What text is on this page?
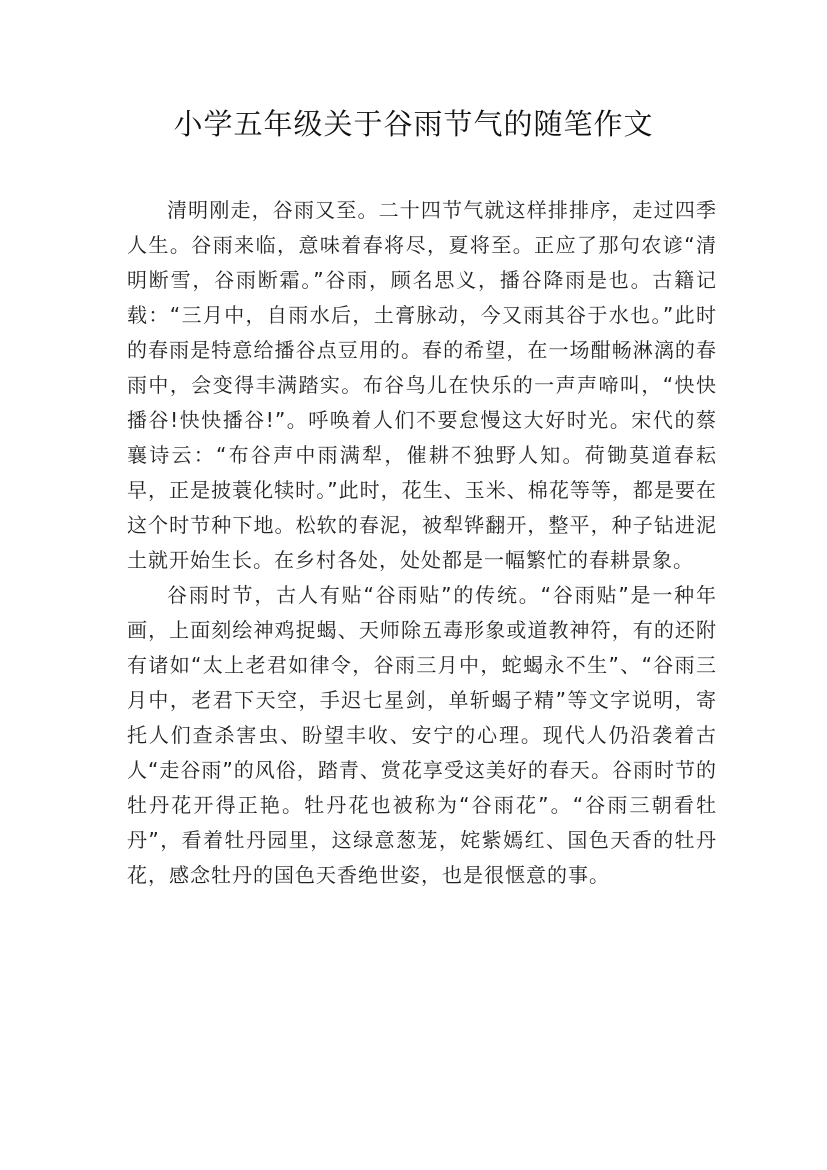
小学五年级关于谷雨节气的随笔作文

清明刚走，谷雨又至。二十四节气就这样排排序，走过四季人生。谷雨来临，意味着春将尽，夏将至。正应了那句农谚“清明断雪，谷雨断霜。”谷雨，顾名思义，播谷降雨是也。古籍记载：“三月中，自雨水后，土膏脉动，今又雨其谷于水也。”此时的春雨是特意给播谷点豆用的。春的希望，在一场酣畅淋漓的春雨中，会变得丰满踏实。布谷鸟儿在快乐的一声声啼叫，“快快播谷!快快播谷!”。呼唤着人们不要怠慢这大好时光。宋代的蔡襄诗云：“布谷声中雨满犁，催耕不独野人知。荷锄莫道春耘早，正是披蓑化犊时。”此时，花生、玉米、棉花等等，都是要在这个时节种下地。松软的春泥，被犁铧翻开，整平，种子钻进泥土就开始生长。在乡村各处，处处都是一幅繁忙的春耕景象。

谷雨时节，古人有贴“谷雨贴”的传统。“谷雨贴”是一种年画，上面刻绘神鸡捉蝎、天师除五毒形象或道教神符，有的还附有诸如“太上老君如律令，谷雨三月中，蛇蝎永不生”、“谷雨三月中，老君下天空，手迟七星剑，单斩蝎子精”等文字说明，寄托人们查杀害虫、盼望丰收、安宁的心理。现代人仍沿袭着古人“走谷雨”的风俗，踏青、赏花享受这美好的春天。谷雨时节的牡丹花开得正艳。牡丹花也被称为“谷雨花”。“谷雨三朝看牡丹”，看着牡丹园里，这绿意葱茏，姹紫嫣红、国色天香的牡丹花，感念牡丹的国色天香绝世姿，也是很惬意的事。
